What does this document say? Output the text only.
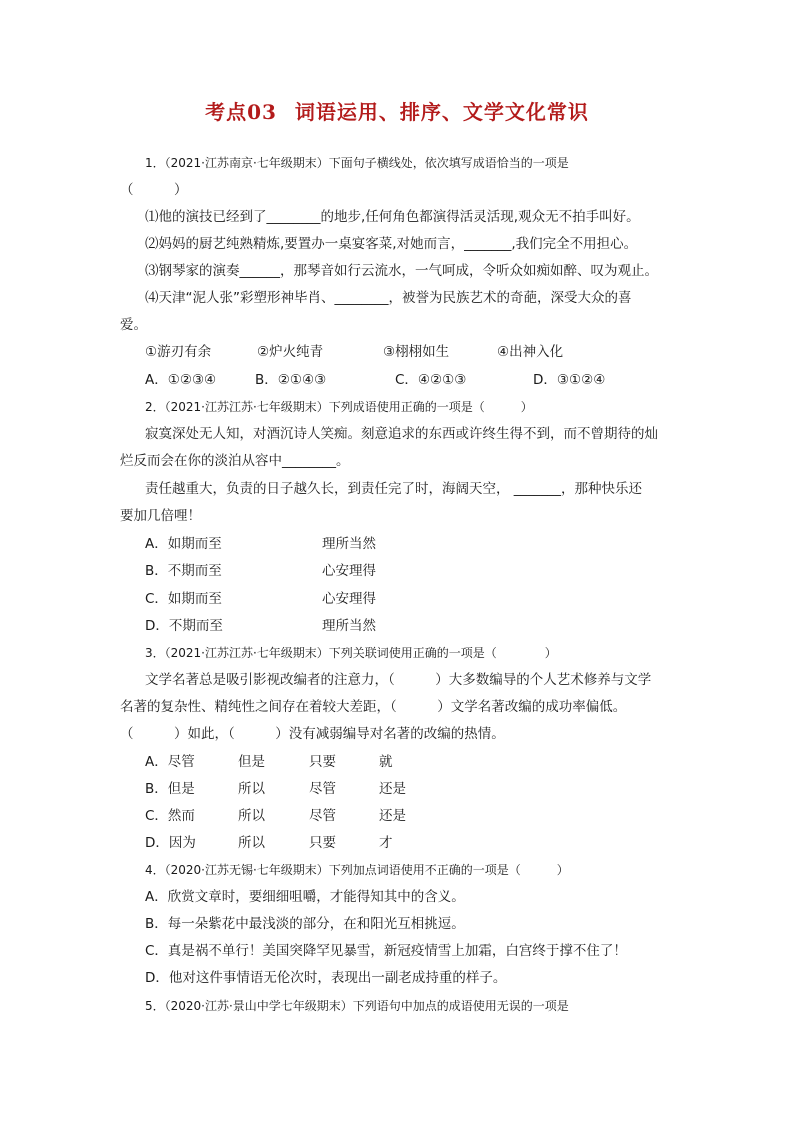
考点03 词语运用、排序、文学文化常识
1．（2021·江苏南京·七年级期末）下面句子横线处，依次填写成语恰当的一项是
（　　　）
⑴他的演技已经到了________的地步,任何角色都演得活灵活现,观众无不拍手叫好。
⑵妈妈的厨艺纯熟精炼,要置办一桌宴客菜,对她而言，_______,我们完全不用担心。
⑶钢琴家的演奏______，那琴音如行云流水，一气呵成，令听众如痴如醉、叹为观止。
⑷天津“泥人张”彩塑形神毕肖、________，被誉为民族艺术的奇葩，深受大众的喜
爱。
①游刃有余	②炉火纯青	③栩栩如生	④出神入化
A．①②③④	B．②①④③	C．④②①③	D．③①②④
2．（2021·江苏江苏·七年级期末）下列成语使用正确的一项是（　　　）
寂寞深处无人知，对酒沉诗人笑痴。刻意追求的东西或许终生得不到，而不曾期待的灿
烂反而会在你的淡泊从容中________。
责任越重大，负责的日子越久长，到责任完了时，海阔天空， _______，那种快乐还
要加几倍哩！
A．如期而至	理所当然
B．不期而至	心安理得
C．如期而至	心安理得
D．不期而至	理所当然
3．（2021·江苏江苏·七年级期末）下列关联词使用正确的一项是（　　　　）
文学名著总是吸引影视改编者的注意力，（　　　）大多数编导的个人艺术修养与文学
名著的复杂性、精纯性之间存在着较大差距，（　　　）文学名著改编的成功率偏低。
（　　　）如此，（　　　）没有减弱编导对名著的改编的热情。
A．尽管	但是	只要	就
B．但是	所以	尽管	还是
C．然而	所以	尽管	还是
D．因为	所以	只要	才
4．（2020·江苏无锡·七年级期末）下列加点词语使用不正确的一项是（　　　）
A．欣赏文章时，要细细咀嚼，才能得知其中的含义。
B．每一朵紫花中最浅淡的部分，在和阳光互相挑逗。
C．真是祸不单行！美国突降罕见暴雪，新冠疫情雪上加霜，白宫终于撑不住了！
D．他对这件事情语无伦次时，表现出一副老成持重的样子。
5．（2020·江苏·景山中学七年级期末）下列语句中加点的成语使用无误的一项是
